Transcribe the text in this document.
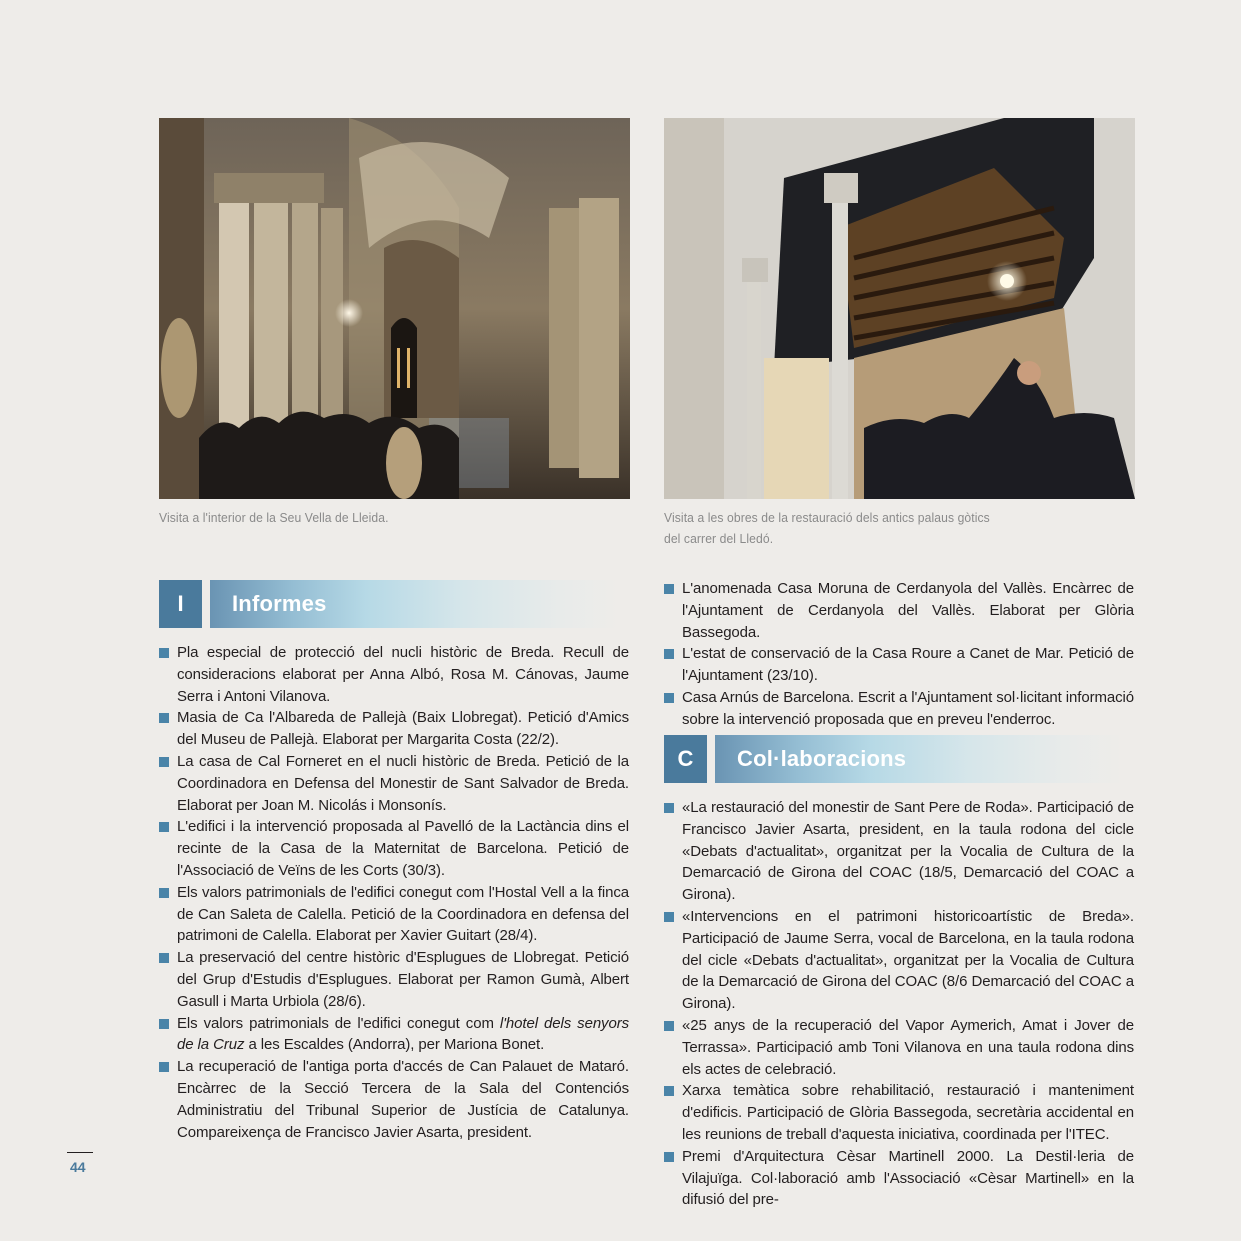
Visita a l'interior de la Seu Vella de Lleida.	Visita a les obres de la restauració dels antics palaus gòtics
del carrer del Lledó.
I	Informes
Pla especial de protecció del nucli històric de Breda. Recull de consideracions elaborat per Anna Albó, Rosa M. Cánovas, Jaume Serra i Antoni Vilanova.
Masia de Ca l'Albareda de Pallejà (Baix Llobregat). Petició d'Amics del Museu de Pallejà. Elaborat per Margarita Costa (22/2).
La casa de Cal Forneret en el nucli històric de Breda. Petició de la Coordinadora en Defensa del Monestir de Sant Salvador de Breda. Elaborat per Joan M. Nicolás i Monsonís.
L'edifici i la intervenció proposada al Pavelló de la Lactància dins el recinte de la Casa de la Maternitat de Barcelona. Petició de l'Associació de Veïns de les Corts (30/3).
Els valors patrimonials de l'edifici conegut com l'Hostal Vell a la finca de Can Saleta de Calella. Petició de la Coordinadora en defensa del patrimoni de Calella. Elaborat per Xavier Guitart (28/4).
La preservació del centre històric d'Esplugues de Llobregat. Petició del Grup d'Estudis d'Esplugues. Elaborat per Ramon Gumà, Albert Gasull i Marta Urbiola (28/6).
Els valors patrimonials de l'edifici conegut com l'hotel dels senyors de la Cruz a les Escaldes (Andorra), per Mariona Bonet.
La recuperació de l'antiga porta d'accés de Can Palauet de Mataró. Encàrrec de la Secció Tercera de la Sala del Contenciós Administratiu del Tribunal Superior de Justícia de Catalunya. Compareixença de Francisco Javier Asarta, president.
L'anomenada Casa Moruna de Cerdanyola del Vallès. Encàrrec de l'Ajuntament de Cerdanyola del Vallès. Elaborat per Glòria Bassegoda.
L'estat de conservació de la Casa Roure a Canet de Mar. Petició de l'Ajuntament (23/10).
Casa Arnús de Barcelona. Escrit a l'Ajuntament sol·licitant informació sobre la intervenció proposada que en preveu l'enderroc.
C	Col·laboracions
«La restauració del monestir de Sant Pere de Roda». Participació de Francisco Javier Asarta, president, en la taula rodona del cicle «Debats d'actualitat», organitzat per la Vocalia de Cultura de la Demarcació de Girona del COAC (18/5, Demarcació del COAC a Girona).
«Intervencions en el patrimoni historicoartístic de Breda». Participació de Jaume Serra, vocal de Barcelona, en la taula rodona del cicle «Debats d'actualitat», organitzat per la Vocalia de Cultura de la Demarcació de Girona del COAC (8/6 Demarcació del COAC a Girona).
«25 anys de la recuperació del Vapor Aymerich, Amat i Jover de Terrassa». Participació amb Toni Vilanova en una taula rodona dins els actes de celebració.
Xarxa temàtica sobre rehabilitació, restauració i manteniment d'edificis. Participació de Glòria Bassegoda, secretària accidental en les reunions de treball d'aquesta iniciativa, coordinada per l'ITEC.
Premi d'Arquitectura Cèsar Martinell 2000. La Destil·leria de Vilajuïga. Col·laboració amb l'Associació «Cèsar Martinell» en la difusió del pre-
44
